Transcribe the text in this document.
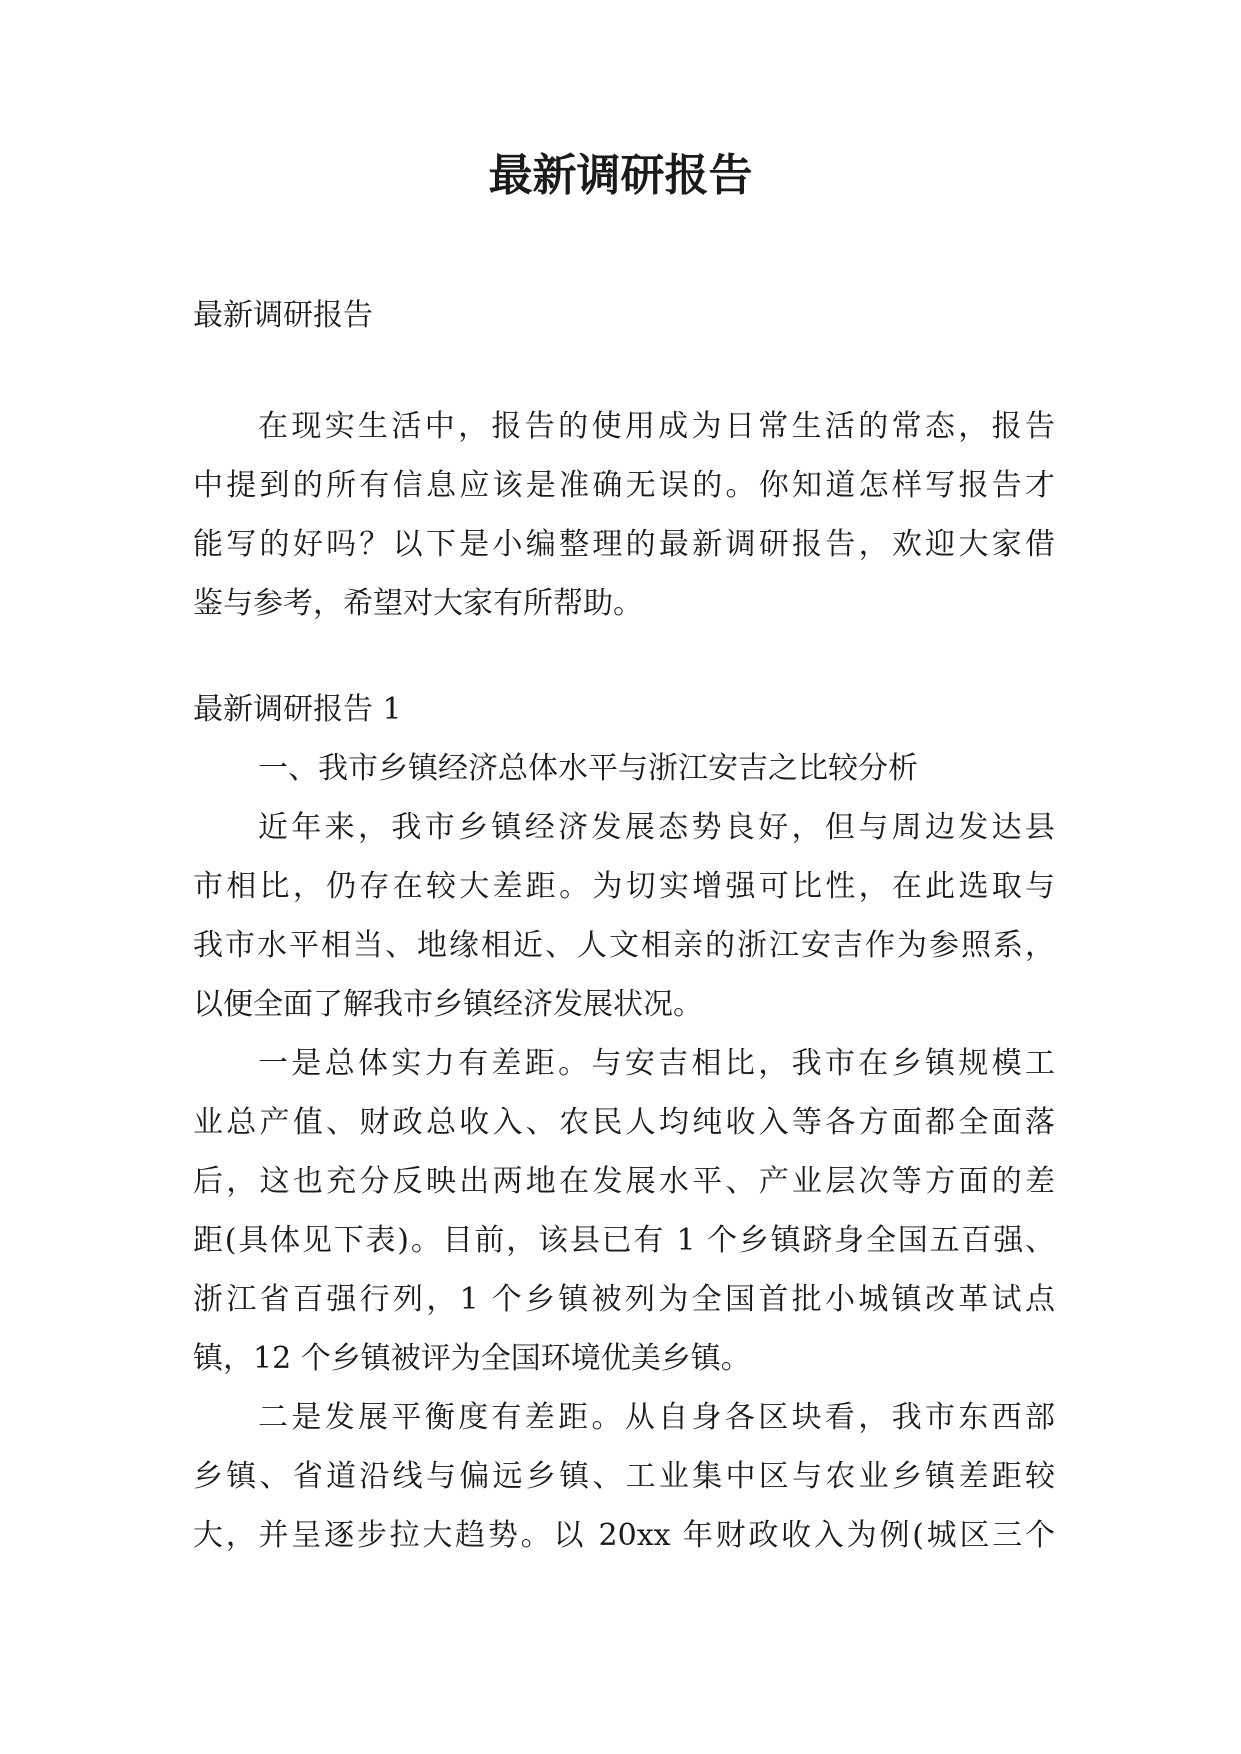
最新调研报告

最新调研报告

在现实生活中，报告的使用成为日常生活的常态，报告

中提到的所有信息应该是准确无误的。你知道怎样写报告才

能写的好吗？以下是小编整理的最新调研报告，欢迎大家借

鉴与参考，希望对大家有所帮助。

最新调研报告 1

一、我市乡镇经济总体水平与浙江安吉之比较分析

近年来，我市乡镇经济发展态势良好，但与周边发达县

市相比，仍存在较大差距。为切实增强可比性，在此选取与

我市水平相当、地缘相近、人文相亲的浙江安吉作为参照系，

以便全面了解我市乡镇经济发展状况。

一是总体实力有差距。与安吉相比，我市在乡镇规模工

业总产值、财政总收入、农民人均纯收入等各方面都全面落

后，这也充分反映出两地在发展水平、产业层次等方面的差

距(具体见下表)。目前，该县已有 1 个乡镇跻身全国五百强、

浙江省百强行列，1 个乡镇被列为全国首批小城镇改革试点

镇，12 个乡镇被评为全国环境优美乡镇。

二是发展平衡度有差距。从自身各区块看，我市东西部

乡镇、省道沿线与偏远乡镇、工业集中区与农业乡镇差距较

大，并呈逐步拉大趋势。以 20xx 年财政收入为例(城区三个
